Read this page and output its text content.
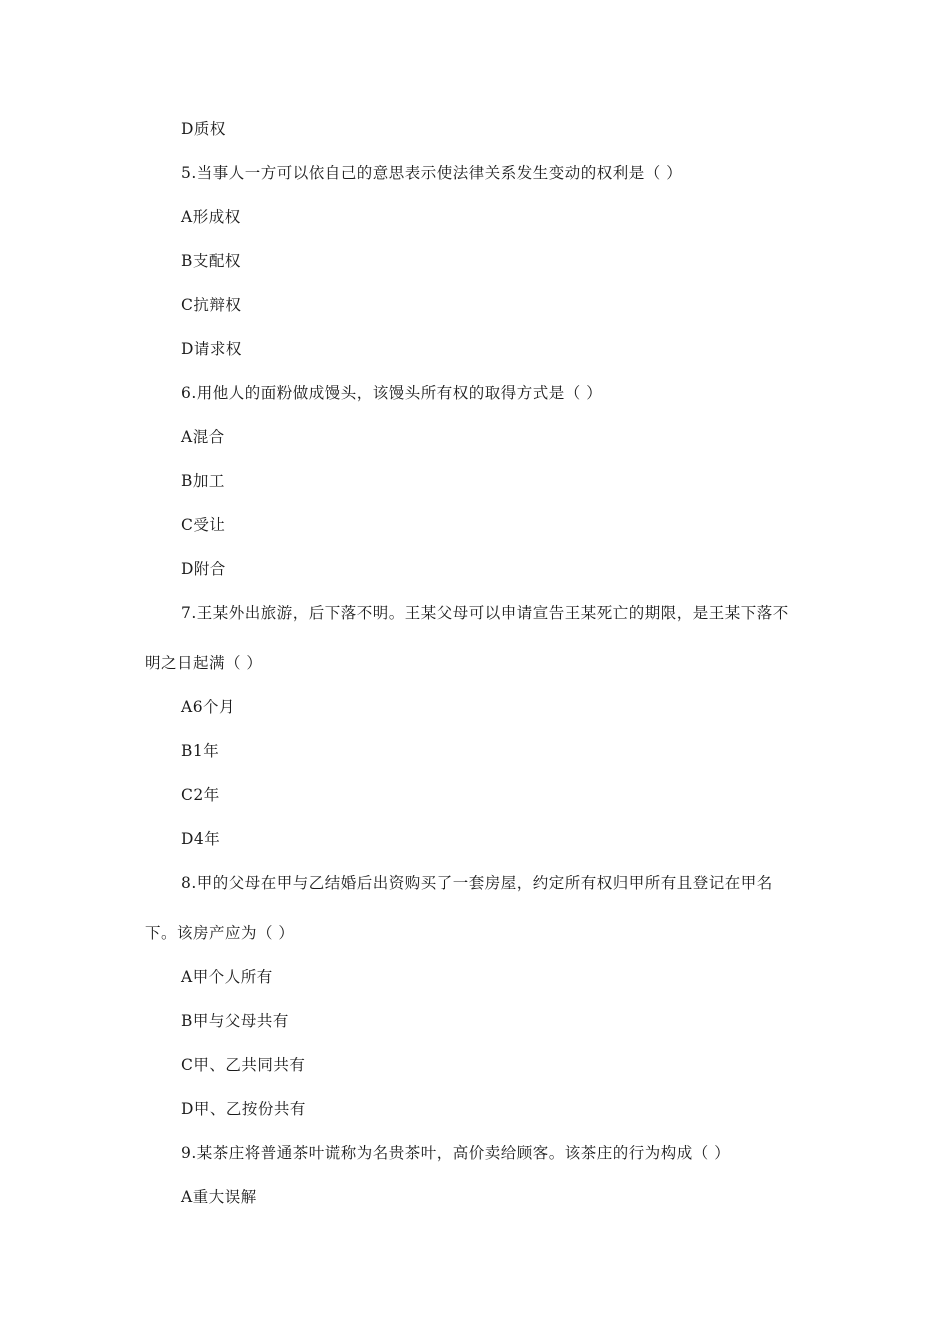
D质权
5.当事人一方可以依自己的意思表示使法律关系发生变动的权利是（ ）
A形成权
B支配权
C抗辩权
D请求权
6.用他人的面粉做成馒头，该馒头所有权的取得方式是（ ）
A混合
B加工
C受让
D附合
7.王某外出旅游，后下落不明。王某父母可以申请宣告王某死亡的期限，是王某下落不
明之日起满（ ）
A6个月
B1年
C2年
D4年
8.甲的父母在甲与乙结婚后出资购买了一套房屋，约定所有权归甲所有且登记在甲名
下。该房产应为（ ）
A甲个人所有
B甲与父母共有
C甲、乙共同共有
D甲、乙按份共有
9.某茶庄将普通茶叶谎称为名贵茶叶，高价卖给顾客。该茶庄的行为构成（ ）
A重大误解
